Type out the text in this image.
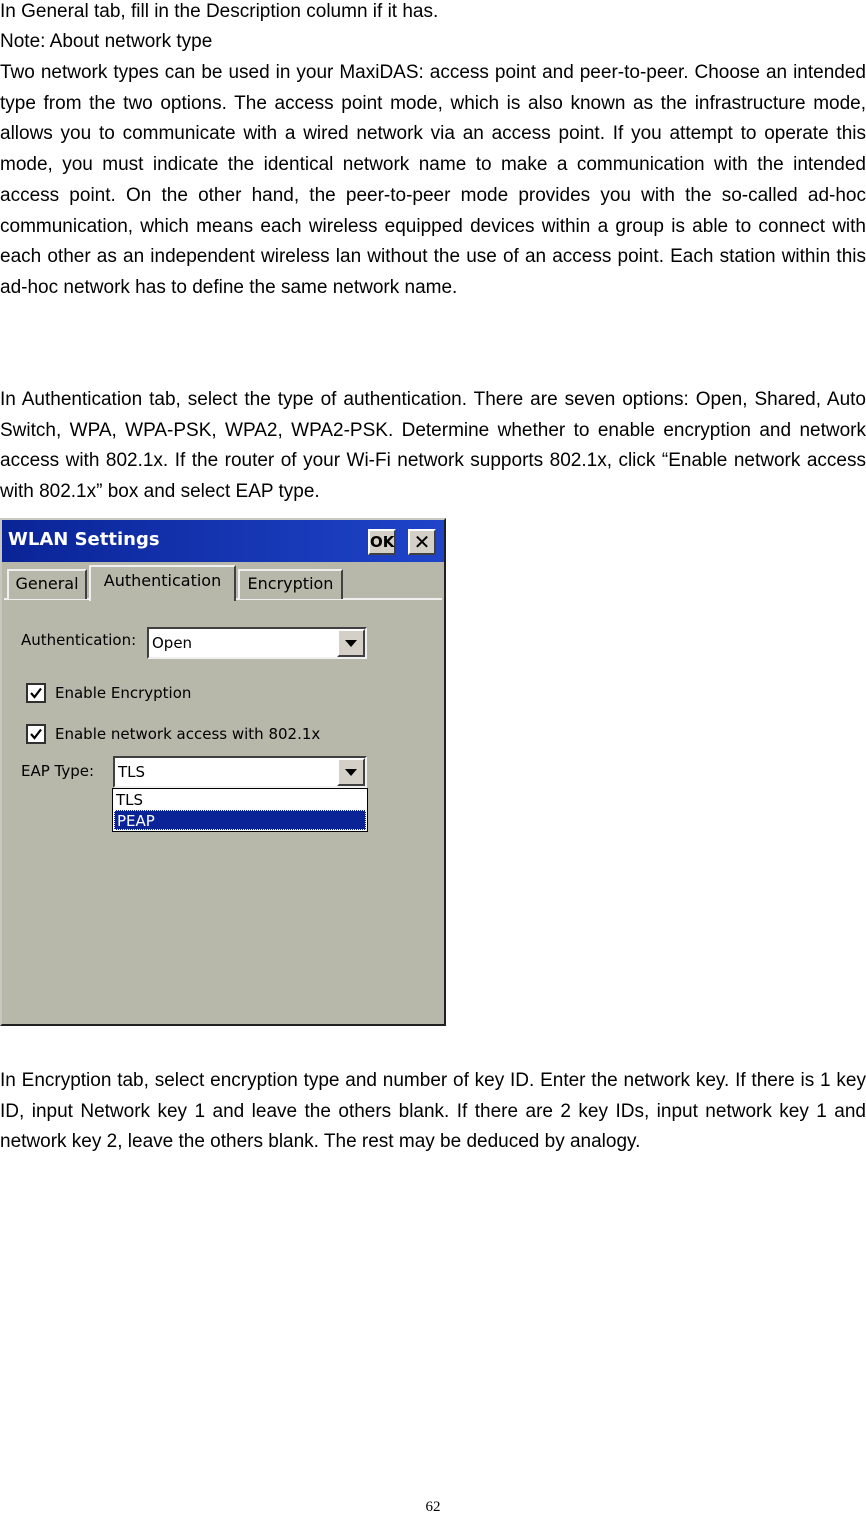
In General tab, fill in the Description column if it has.
Note: About network type
Two network types can be used in your MaxiDAS: access point and peer-to-peer. Choose an intended type from the two options. The access point mode, which is also known as the infrastructure mode, allows you to communicate with a wired network via an access point. If you attempt to operate this mode, you must indicate the identical network name to make a communication with the intended access point. On the other hand, the peer-to-peer mode provides you with the so-called ad-hoc communication, which means each wireless equipped devices within a group is able to connect with each other as an independent wireless lan without the use of an access point. Each station within this ad-hoc network has to define the same network name.
In Authentication tab, select the type of authentication. There are seven options: Open, Shared, Auto Switch, WPA, WPA-PSK, WPA2, WPA2-PSK. Determine whether to enable encryption and network access with 802.1x. If the router of your Wi-Fi network supports 802.1x, click “Enable network access with 802.1x” box and select EAP type.
WLAN Settings	OK ✕
General	Authentication	Encryption
Authentication: Open
Enable Encryption
Enable network access with 802.1x
EAP Type: TLS
TLS
PEAP
In Encryption tab, select encryption type and number of key ID. Enter the network key. If there is 1 key ID, input Network key 1 and leave the others blank. If there are 2 key IDs, input network key 1 and network key 2, leave the others blank. The rest may be deduced by analogy.
62
